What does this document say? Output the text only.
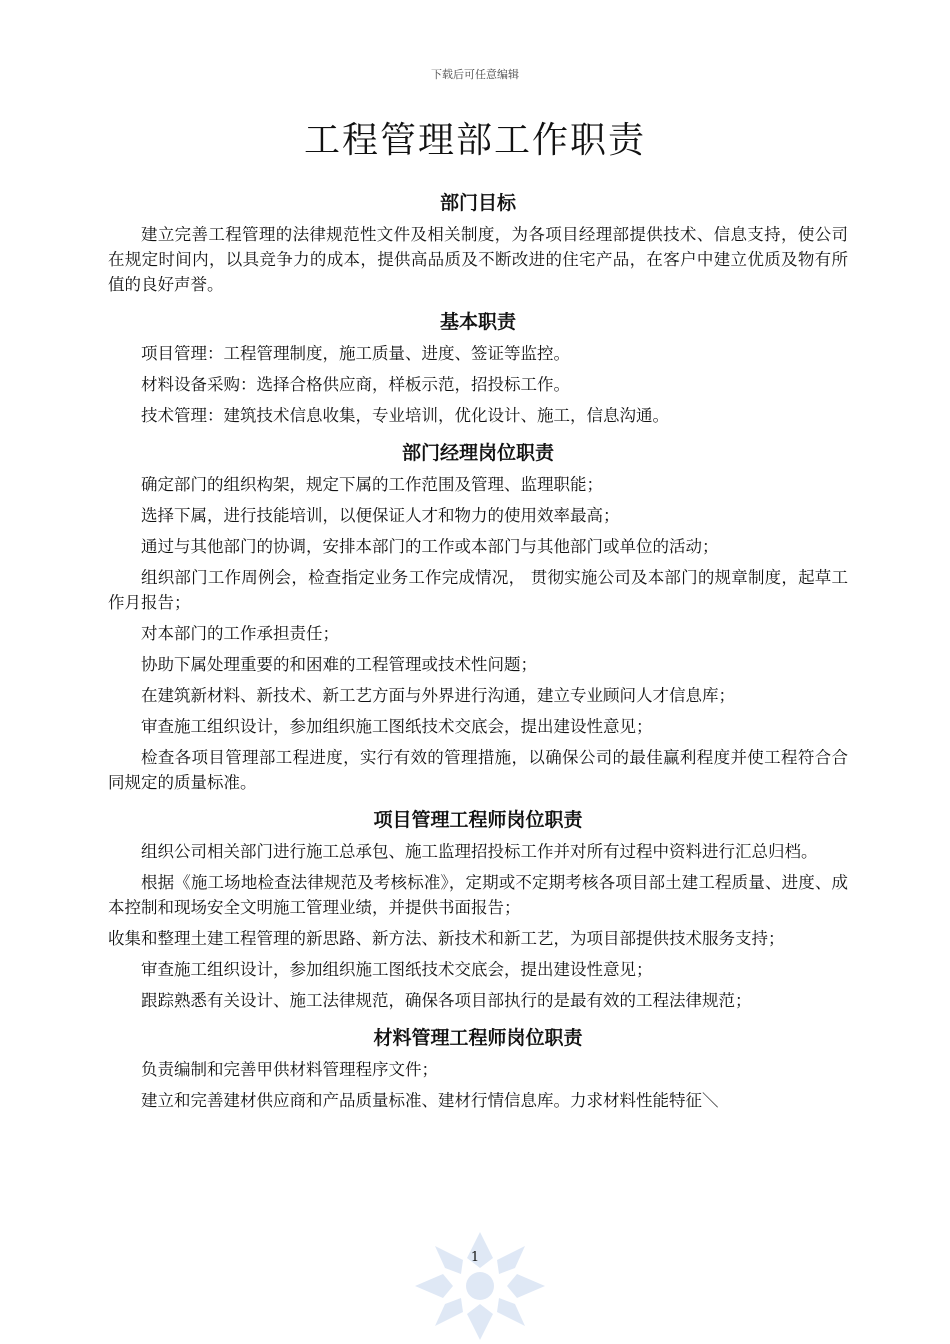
下载后可任意编辑
工程管理部工作职责
部门目标

建立完善工程管理的法律规范性文件及相关制度，为各项目经理部提供技术、信息支持，使公司在规定时间内，以具竞争力的成本，提供高品质及不断改进的住宅产品，在客户中建立优质及物有所值的良好声誉。

基本职责

项目管理：工程管理制度，施工质量、进度、签证等监控。

材料设备采购：选择合格供应商，样板示范，招投标工作。

技术管理：建筑技术信息收集，专业培训，优化设计、施工，信息沟通。

部门经理岗位职责

确定部门的组织构架，规定下属的工作范围及管理、监理职能；

选择下属，进行技能培训，以便保证人才和物力的使用效率最高；

通过与其他部门的协调，安排本部门的工作或本部门与其他部门或单位的活动；

组织部门工作周例会，检查指定业务工作完成情况， 贯彻实施公司及本部门的规章制度，起草工作月报告；

对本部门的工作承担责任；

协助下属处理重要的和困难的工程管理或技术性问题；

在建筑新材料、新技术、新工艺方面与外界进行沟通，建立专业顾问人才信息库；

审查施工组织设计，参加组织施工图纸技术交底会，提出建设性意见；

检查各项目管理部工程进度，实行有效的管理措施，以确保公司的最佳赢利程度并使工程符合合同规定的质量标准。

项目管理工程师岗位职责

组织公司相关部门进行施工总承包、施工监理招投标工作并对所有过程中资料进行汇总归档。

根据《施工场地检查法律规范及考核标准》，定期或不定期考核各项目部土建工程质量、进度、成本控制和现场安全文明施工管理业绩，并提供书面报告；

收集和整理土建工程管理的新思路、新方法、新技术和新工艺，为项目部提供技术服务支持；

审查施工组织设计，参加组织施工图纸技术交底会，提出建设性意见；

跟踪熟悉有关设计、施工法律规范，确保各项目部执行的是最有效的工程法律规范；

材料管理工程师岗位职责

负责编制和完善甲供材料管理程序文件；

建立和完善建材供应商和产品质量标准、建材行情信息库。力求材料性能特征＼

1
